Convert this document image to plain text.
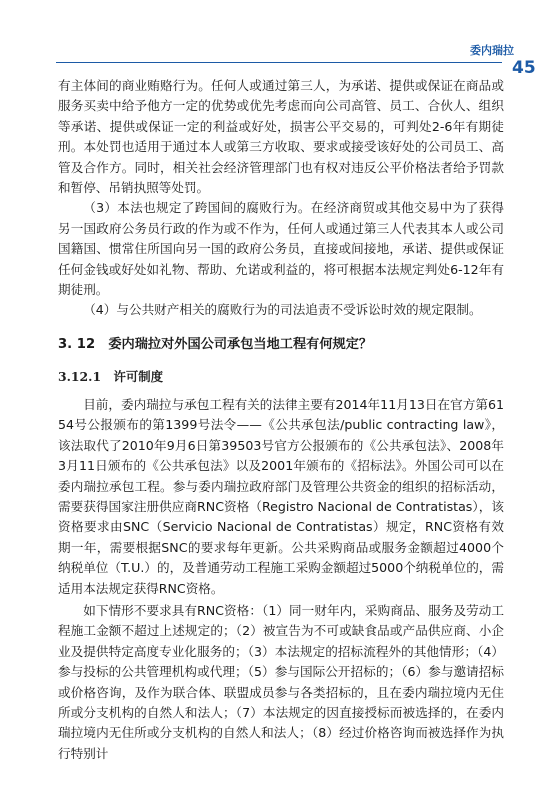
委内瑞拉
45

有主体间的商业贿赂行为。任何人或通过第三人，为承诺、提供或保证在商品或服务买卖中给予他方一定的优势或优先考虑而向公司高管、员工、合伙人、组织等承诺、提供或保证一定的利益或好处，损害公平交易的，可判处2-6年有期徒刑。本处罚也适用于通过本人或第三方收取、要求或接受该好处的公司员工、高管及合作方。同时，相关社会经济管理部门也有权对违反公平价格法者给予罚款和暂停、吊销执照等处罚。

（3）本法也规定了跨国间的腐败行为。在经济商贸或其他交易中为了获得另一国政府公务员行政的作为或不作为，任何人或通过第三人代表其本人或公司国籍国、惯常住所国向另一国的政府公务员，直接或间接地，承诺、提供或保证任何金钱或好处如礼物、帮助、允诺或利益的，将可根据本法规定判处6-12年有期徒刑。

（4）与公共财产相关的腐败行为的司法追责不受诉讼时效的规定限制。

3. 12　委内瑞拉对外国公司承包当地工程有何规定？
3.12.1　许可制度

目前，委内瑞拉与承包工程有关的法律主要有2014年11月13日在官方第6154号公报颁布的第1399号法令——《公共承包法/public contracting law》，该法取代了2010年9月6日第39503号官方公报颁布的《公共承包法》、2008年3月11日颁布的《公共承包法》以及2001年颁布的《招标法》。外国公司可以在委内瑞拉承包工程。参与委内瑞拉政府部门及管理公共资金的组织的招标活动，需要获得国家注册供应商RNC资格（Registro Nacional de Contratistas），该资格要求由SNC（Servicio Nacional de Contratistas）规定，RNC资格有效期一年，需要根据SNC的要求每年更新。公共采购商品或服务金额超过4000个纳税单位（T.U.）的，及普通劳动工程施工采购金额超过5000个纳税单位的，需适用本法规定获得RNC资格。

如下情形不要求具有RNC资格：（1）同一财年内，采购商品、服务及劳动工程施工金额不超过上述规定的；（2）被宣告为不可或缺食品或产品供应商、小企业及提供特定高度专业化服务的；（3）本法规定的招标流程外的其他情形；（4）参与投标的公共管理机构或代理；（5）参与国际公开招标的；（6）参与邀请招标或价格咨询，及作为联合体、联盟成员参与各类招标的，且在委内瑞拉境内无住所或分支机构的自然人和法人；（7）本法规定的因直接授标而被选择的，在委内瑞拉境内无住所或分支机构的自然人和法人；（8）经过价格咨询而被选择作为执行特别计
